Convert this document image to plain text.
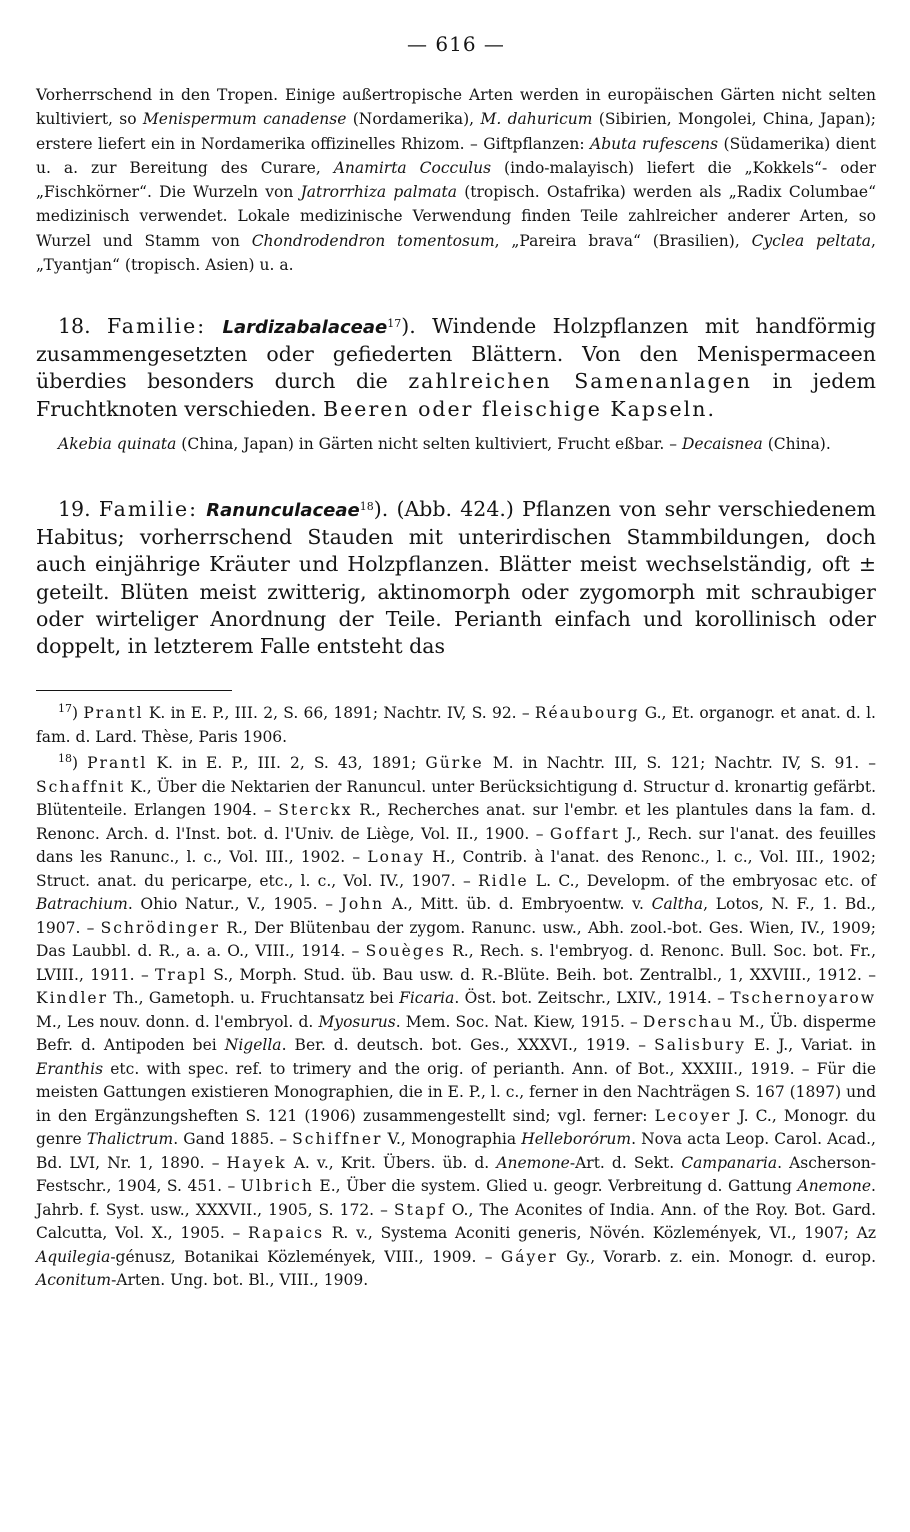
— 616 —

Vorherrschend in den Tropen. Einige außertropische Arten werden in europäischen Gärten nicht selten kultiviert, so Menispermum canadense (Nordamerika), M. dahuricum (Sibirien, Mongolei, China, Japan); erstere liefert ein in Nordamerika offizinelles Rhizom. – Giftpflanzen: Abuta rufescens (Südamerika) dient u. a. zur Bereitung des Curare, Anamirta Cocculus (indo-malayisch) liefert die „Kokkels“- oder „Fischkörner“. Die Wurzeln von Jatrorrhiza palmata (tropisch. Ostafrika) werden als „Radix Columbae“ medizinisch verwendet. Lokale medizinische Verwendung finden Teile zahlreicher anderer Arten, so Wurzel und Stamm von Chondrodendron tomentosum, „Pareira brava“ (Brasilien), Cyclea peltata, „Tyantjan“ (tropisch. Asien) u. a.

18. Familie: Lardizabalaceae$^{17}$). Windende Holzpflanzen mit handförmig zusammengesetzten oder gefiederten Blättern. Von den Menispermaceen überdies besonders durch die zahlreichen Samenanlagen in jedem Fruchtknoten verschieden. Beeren oder fleischige Kapseln.

Akebia quinata (China, Japan) in Gärten nicht selten kultiviert, Frucht eßbar. – Decaisnea (China).

19. Familie: Ranunculaceae$^{18}$). (Abb. 424.) Pflanzen von sehr verschiedenem Habitus; vorherrschend Stauden mit unterirdischen Stammbildungen, doch auch einjährige Kräuter und Holzpflanzen. Blätter meist wechselständig, oft ± geteilt. Blüten meist zwitterig, aktinomorph oder zygomorph mit schraubiger oder wirteliger Anordnung der Teile. Perianth einfach und korollinisch oder doppelt, in letzterem Falle entsteht das

$^{17}$) Prantl K. in E. P., III. 2, S. 66, 1891; Nachtr. IV, S. 92. – Réaubourg G., Et. organogr. et anat. d. l. fam. d. Lard. Thèse, Paris 1906.

$^{18}$) Prantl K. in E. P., III. 2, S. 43, 1891; Gürke M. in Nachtr. III, S. 121; Nachtr. IV, S. 91. – Schaffnit K., Über die Nektarien der Ranuncul. unter Berücksichtigung d. Structur d. kronartig gefärbt. Blütenteile. Erlangen 1904. – Sterckx R., Recherches anat. sur l'embr. et les plantules dans la fam. d. Renonc. Arch. d. l'Inst. bot. d. l'Univ. de Liège, Vol. II., 1900. – Goffart J., Rech. sur l'anat. des feuilles dans les Ranunc., l. c., Vol. III., 1902. – Lonay H., Contrib. à l'anat. des Renonc., l. c., Vol. III., 1902; Struct. anat. du pericarpe, etc., l. c., Vol. IV., 1907. – Ridle L. C., Developm. of the embryosac etc. of Batrachium. Ohio Natur., V., 1905. – John A., Mitt. üb. d. Embryoentw. v. Caltha, Lotos, N. F., 1. Bd., 1907. – Schrödinger R., Der Blütenbau der zygom. Ranunc. usw., Abh. zool.-bot. Ges. Wien, IV., 1909; Das Laubbl. d. R., a. a. O., VIII., 1914. – Souèges R., Rech. s. l'embryog. d. Renonc. Bull. Soc. bot. Fr., LVIII., 1911. – Trapl S., Morph. Stud. üb. Bau usw. d. R.-Blüte. Beih. bot. Zentralbl., 1, XXVIII., 1912. – Kindler Th., Gametoph. u. Fruchtansatz bei Ficaria. Öst. bot. Zeitschr., LXIV., 1914. – Tschernoyarow M., Les nouv. donn. d. l'embryol. d. Myosurus. Mem. Soc. Nat. Kiew, 1915. – Derschau M., Üb. disperme Befr. d. Antipoden bei Nigella. Ber. d. deutsch. bot. Ges., XXXVI., 1919. – Salisbury E. J., Variat. in Eranthis etc. with spec. ref. to trimery and the orig. of perianth. Ann. of Bot., XXXIII., 1919. – Für die meisten Gattungen existieren Monographien, die in E. P., l. c., ferner in den Nachträgen S. 167 (1897) und in den Ergänzungsheften S. 121 (1906) zusammengestellt sind; vgl. ferner: Lecoyer J. C., Monogr. du genre Thalictrum. Gand 1885. – Schiffner V., Monographia Helleborórum. Nova acta Leop. Carol. Acad., Bd. LVI, Nr. 1, 1890. – Hayek A. v., Krit. Übers. üb. d. Anemone-Art. d. Sekt. Campanaria. Ascherson-Festschr., 1904, S. 451. – Ulbrich E., Über die system. Glied u. geogr. Verbreitung d. Gattung Anemone. Jahrb. f. Syst. usw., XXXVII., 1905, S. 172. – Stapf O., The Aconites of India. Ann. of the Roy. Bot. Gard. Calcutta, Vol. X., 1905. – Rapaics R. v., Systema Aconiti generis, Növén. Közlemények, VI., 1907; Az Aquilegia-génusz, Botanikai Közlemények, VIII., 1909. – Gáyer Gy., Vorarb. z. ein. Monogr. d. europ. Aconitum-Arten. Ung. bot. Bl., VIII., 1909.
